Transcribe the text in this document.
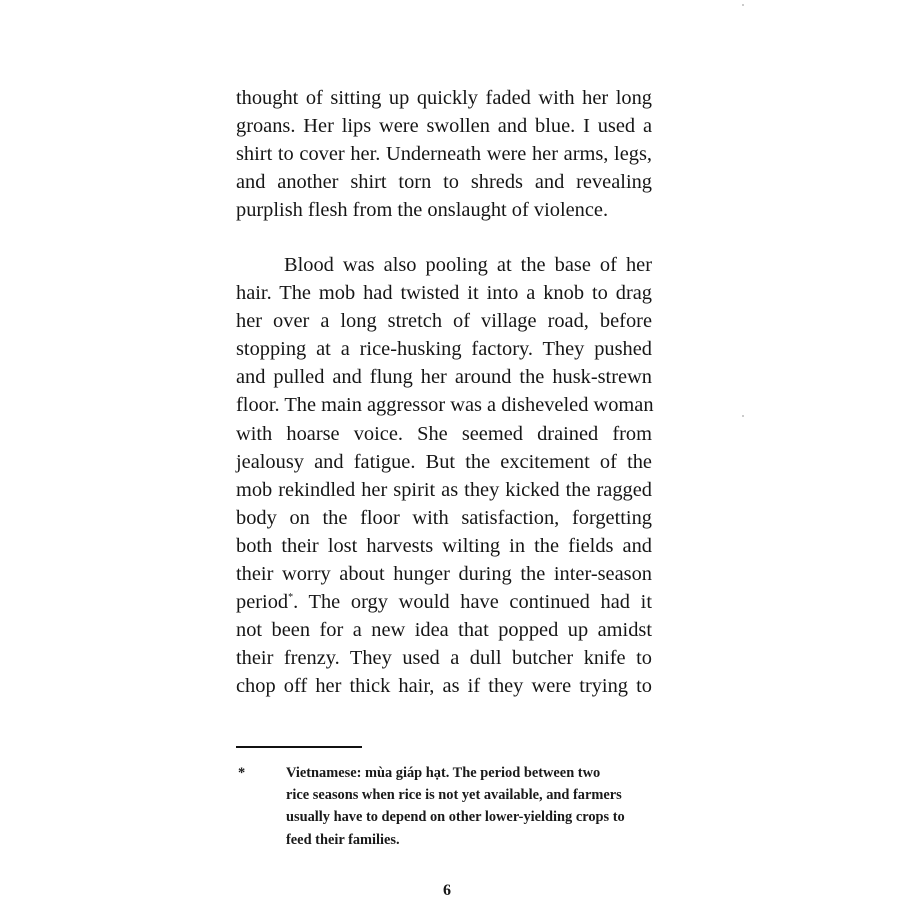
thought of sitting up quickly faded with her long
groans. Her lips were swollen and blue. I used a
shirt to cover her. Underneath were her arms, legs,
and another shirt torn to shreds and revealing
purplish flesh from the onslaught of violence.
Blood was also pooling at the base of her
hair. The mob had twisted it into a knob to drag
her over a long stretch of village road, before
stopping at a rice-husking factory. They pushed
and pulled and flung her around the husk-strewn
floor. The main aggressor was a disheveled woman
with hoarse voice. She seemed drained from
jealousy and fatigue. But the excitement of the
mob rekindled her spirit as they kicked the ragged
body on the floor with satisfaction, forgetting
both their lost harvests wilting in the fields and
their worry about hunger during the inter-season
period*. The orgy would have continued had it
not been for a new idea that popped up amidst
their frenzy. They used a dull butcher knife to
chop off her thick hair, as if they were trying to
*	Vietnamese: mùa giáp hạt. The period between two
rice seasons when rice is not yet available, and farmers
usually have to depend on other lower-yielding crops to
feed their families.
6
